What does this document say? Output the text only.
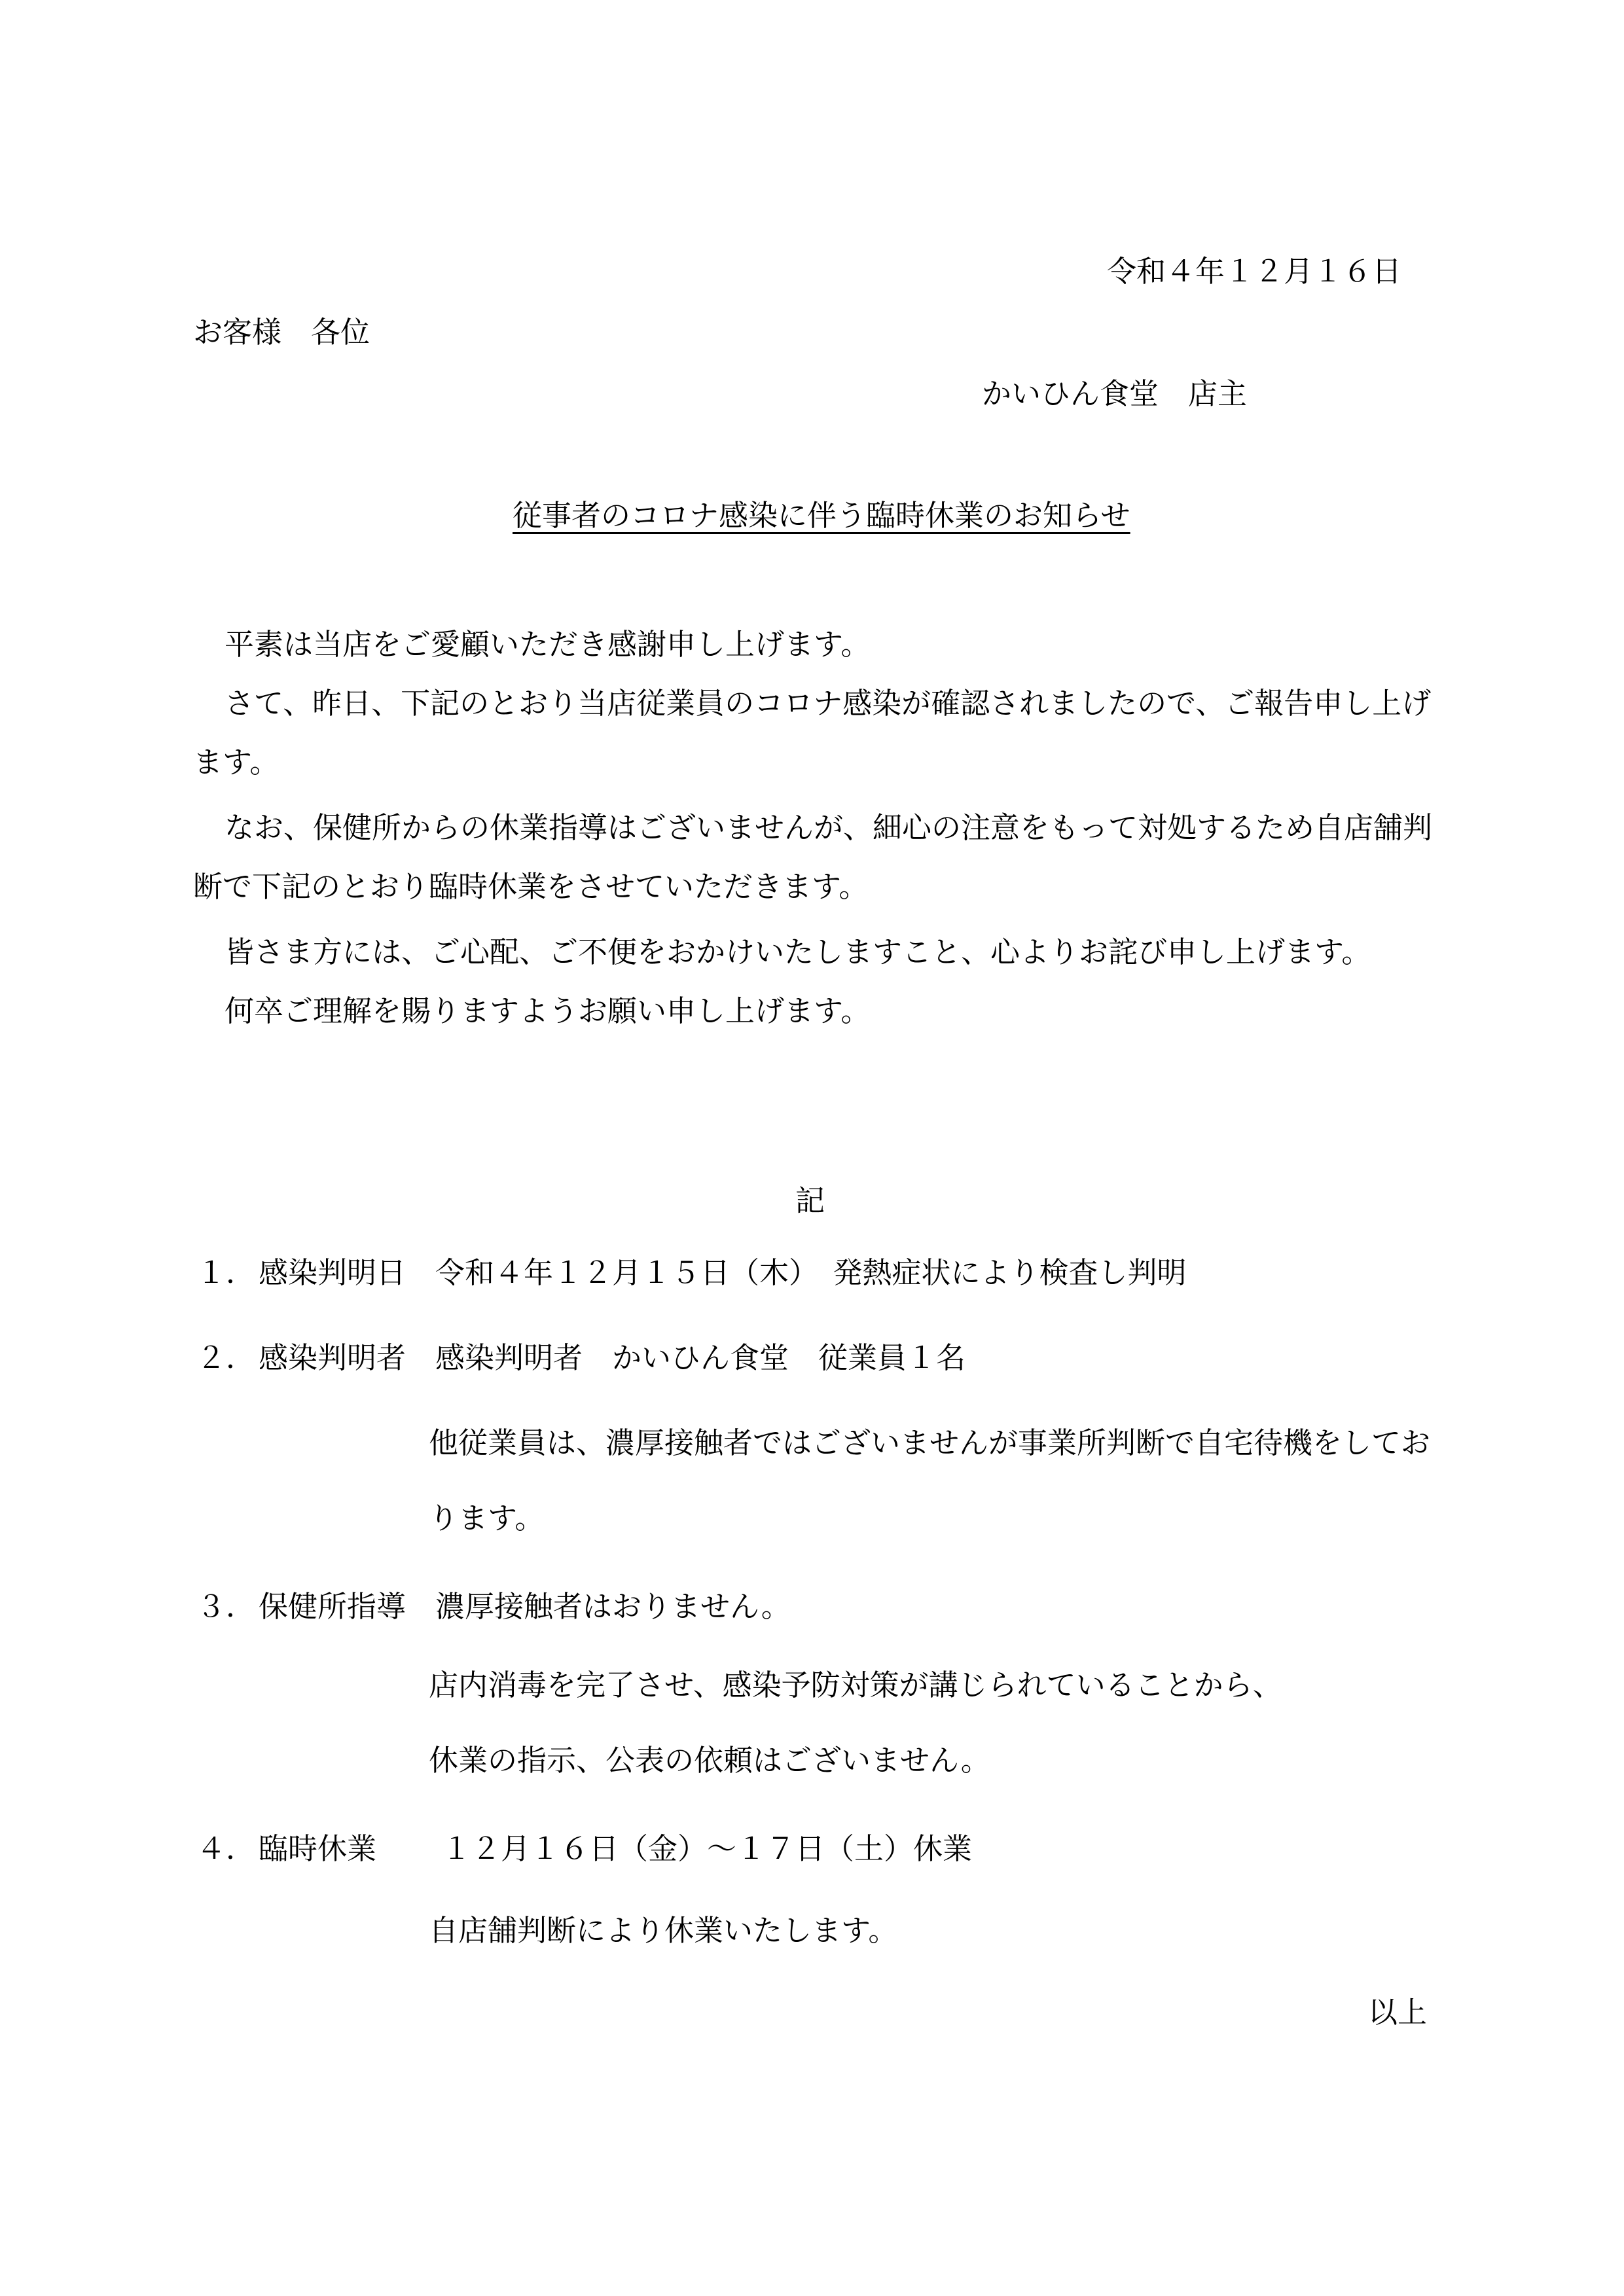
令和４年１２月１６日
お客様　各位
かいひん食堂　店主
従事者のコロナ感染に伴う臨時休業のお知らせ
平素は当店をご愛顧いただき感謝申し上げます。
さて、昨日、下記のとおり当店従業員のコロナ感染が確認されましたので、ご報告申し上げ
ます。
なお、保健所からの休業指導はございませんが、細心の注意をもって対処するため自店舗判
断で下記のとおり臨時休業をさせていただきます。
皆さま方には、ご心配、ご不便をおかけいたしますこと、心よりお詫び申し上げます。
何卒ご理解を賜りますようお願い申し上げます。
記
１． 感染判明日 令和４年１２月１５日（木）　発熱症状により検査し判明
２． 感染判明者 感染判明者　かいひん食堂　従業員１名
他従業員は、濃厚接触者ではございませんが事業所判断で自宅待機をしてお
ります。
３． 保健所指導 濃厚接触者はおりません。
店内消毒を完了させ、感染予防対策が講じられていることから、
休業の指示、公表の依頼はございません。
４． 臨時休業 １２月１６日（金）～１７日（土）休業
自店舗判断により休業いたします。
以上
